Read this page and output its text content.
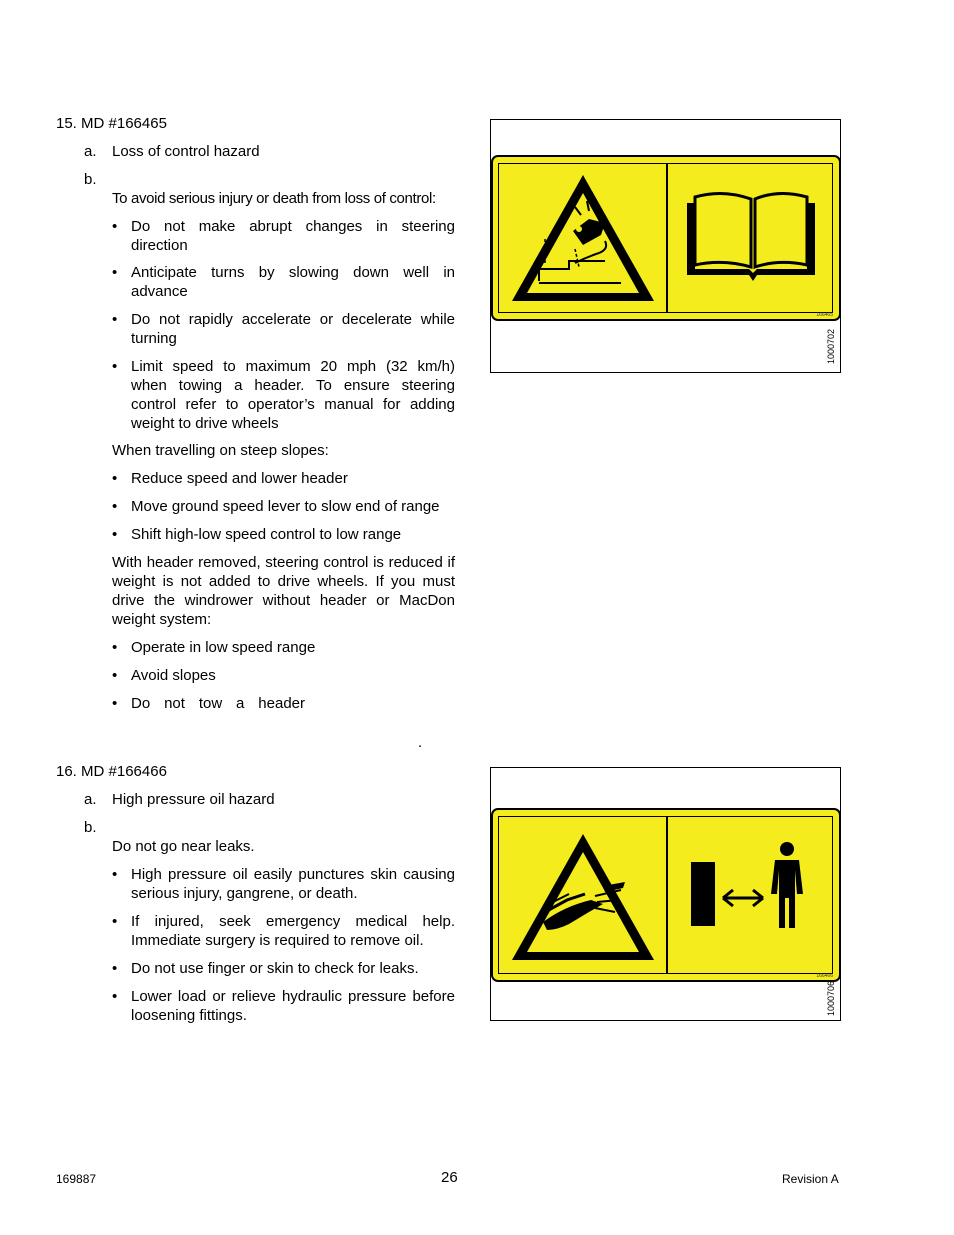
15. MD #166465
a. Loss of control hazard
b.
To avoid serious injury or death from loss of control:
• Do not make abrupt changes in steering direction
• Anticipate turns by slowing down well in advance
• Do not rapidly accelerate or decelerate while turning
• Limit speed to maximum 20 mph (32 km/h) when towing a header. To ensure steering control refer to operator’s manual for adding weight to drive wheels
When travelling on steep slopes:
• Reduce speed and lower header
• Move ground speed lever to slow end of range
• Shift high-low speed control to low range
With header removed, steering control is reduced if weight is not added to drive wheels. If you must drive the windrower without header or MacDon weight system:
• Operate in low speed range
• Avoid slopes
• Do not tow a header
.
166465
1000702
16. MD #166466
a. High pressure oil hazard
b.
Do not go near leaks.
• High pressure oil easily punctures skin causing serious injury, gangrene, or death.
• If injured, seek emergency medical help. Immediate surgery is required to remove oil.
• Do not use finger or skin to check for leaks.
• Lower load or relieve hydraulic pressure before loosening fittings.
166466
1000706
169887	26	Revision A
